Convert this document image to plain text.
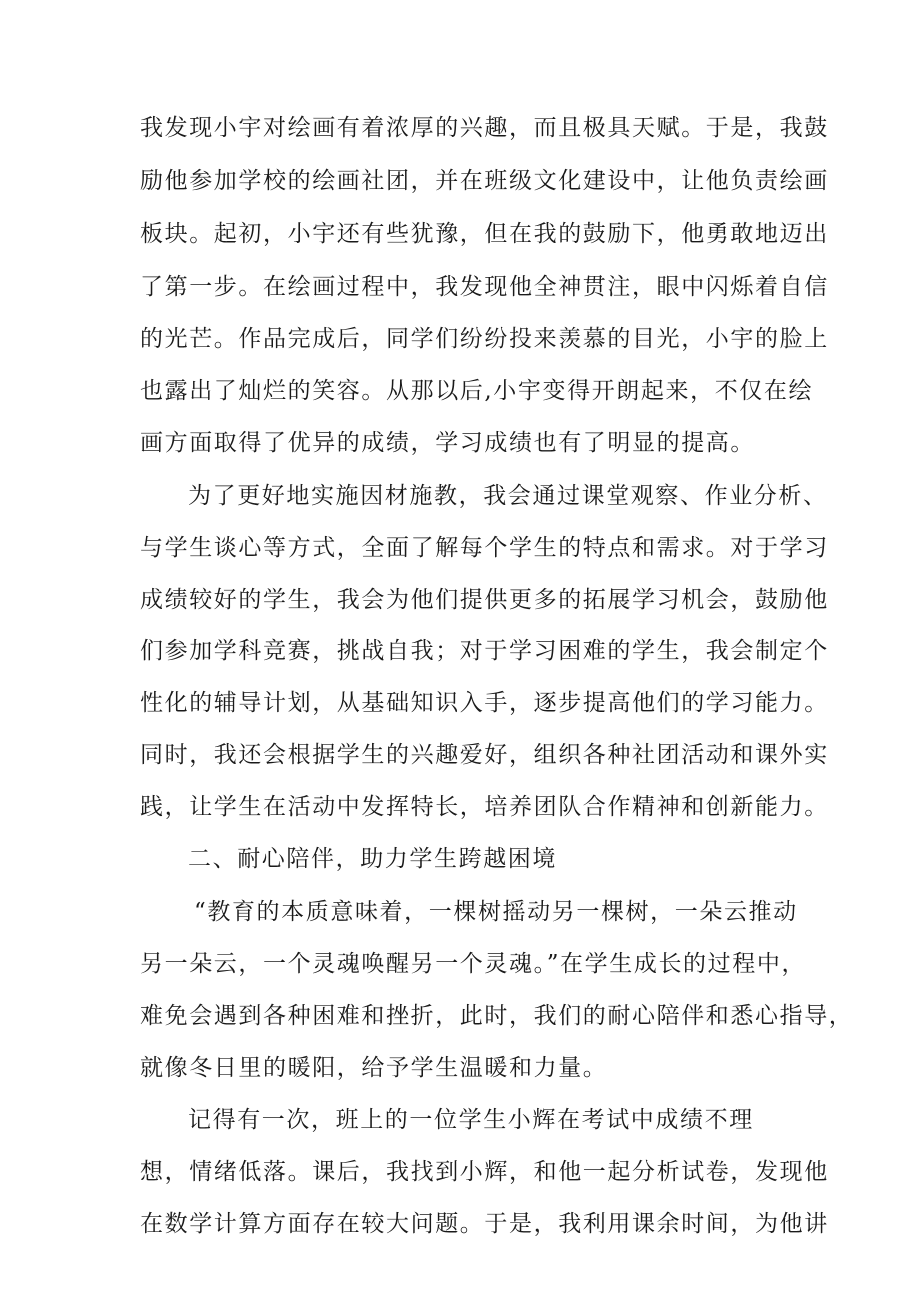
我发现小宇对绘画有着浓厚的兴趣，而且极具天赋。于是，我鼓
励他参加学校的绘画社团，并在班级文化建设中，让他负责绘画
板块。起初，小宇还有些犹豫，但在我的鼓励下，他勇敢地迈出
了第一步。在绘画过程中，我发现他全神贯注，眼中闪烁着自信
的光芒。作品完成后，同学们纷纷投来羡慕的目光，小宇的脸上
也露出了灿烂的笑容。从那以后,小宇变得开朗起来，不仅在绘
画方面取得了优异的成绩，学习成绩也有了明显的提高。
为了更好地实施因材施教，我会通过课堂观察、作业分析、
与学生谈心等方式，全面了解每个学生的特点和需求。对于学习
成绩较好的学生，我会为他们提供更多的拓展学习机会，鼓励他
们参加学科竞赛，挑战自我；对于学习困难的学生，我会制定个
性化的辅导计划，从基础知识入手，逐步提高他们的学习能力。
同时，我还会根据学生的兴趣爱好，组织各种社团活动和课外实
践，让学生在活动中发挥特长，培养团队合作精神和创新能力。
二、耐心陪伴，助力学生跨越困境
“教育的本质意味着，一棵树摇动另一棵树，一朵云推动
另一朵云，一个灵魂唤醒另一个灵魂。”在学生成长的过程中，
难免会遇到各种困难和挫折，此时，我们的耐心陪伴和悉心指导，
就像冬日里的暖阳，给予学生温暖和力量。
记得有一次，班上的一位学生小辉在考试中成绩不理
想，情绪低落。课后，我找到小辉，和他一起分析试卷，发现他
在数学计算方面存在较大问题。于是，我利用课余时间，为他讲
